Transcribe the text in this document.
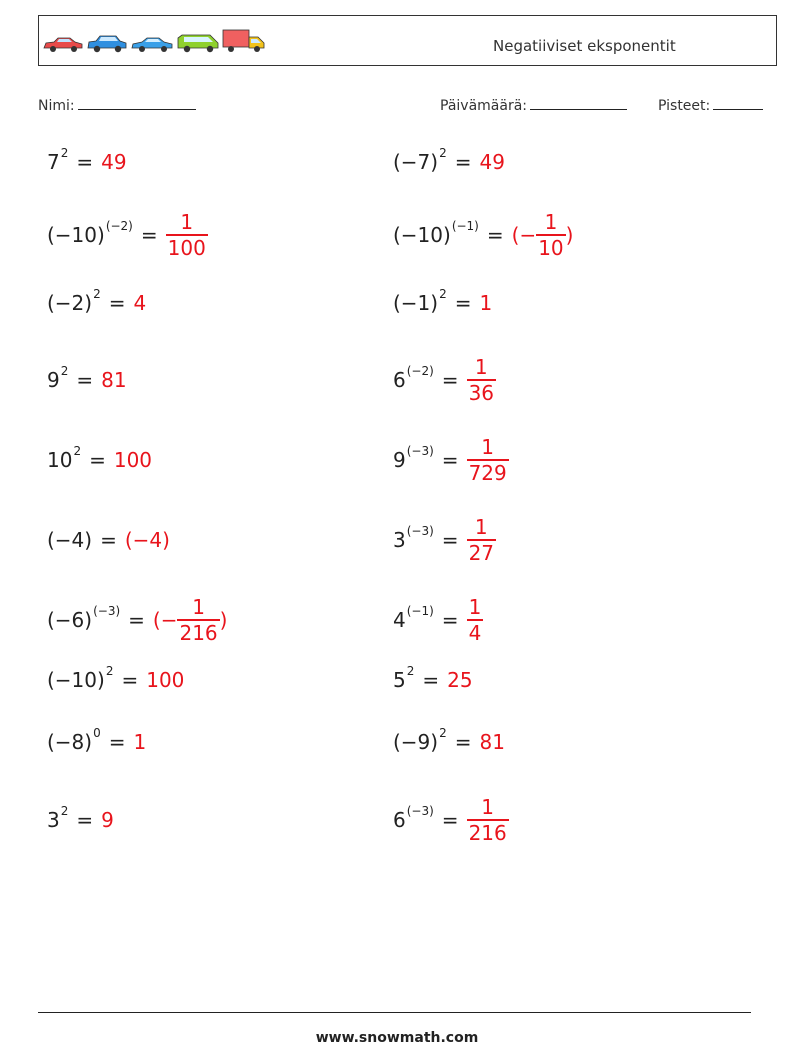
Negatiiviset eksponentit
Nimi:	Päivämäärä:	Pisteet:
$7^2 = 49$
$(-10)^{(-2)} = \frac{1}{100}$
$(-2)^2 = 4$
$9^2 = 81$
$10^2 = 100$
(−4) = (−4)
$(-6)^{(-3)}$ = (− $\frac{1}{216}$ )
$(-10)^2 = 100$
$(-8)^0 = 1$
$3^2 = 9$
$(-7)^2 = 49$
$(-10)^{(-1)}$ = (− $\frac{1}{10}$ )
$(-1)^2 = 1$
$6^{(-2)} = \frac{1}{36}$
$9^{(-3)} = \frac{1}{729}$
$3^{(-3)} = \frac{1}{27}$
$4^{(-1)} = \frac{1}{4}$
$5^2 = 25$
$(-9)^2 = 81$
$6^{(-3)} = \frac{1}{216}$
www.snowmath.com
